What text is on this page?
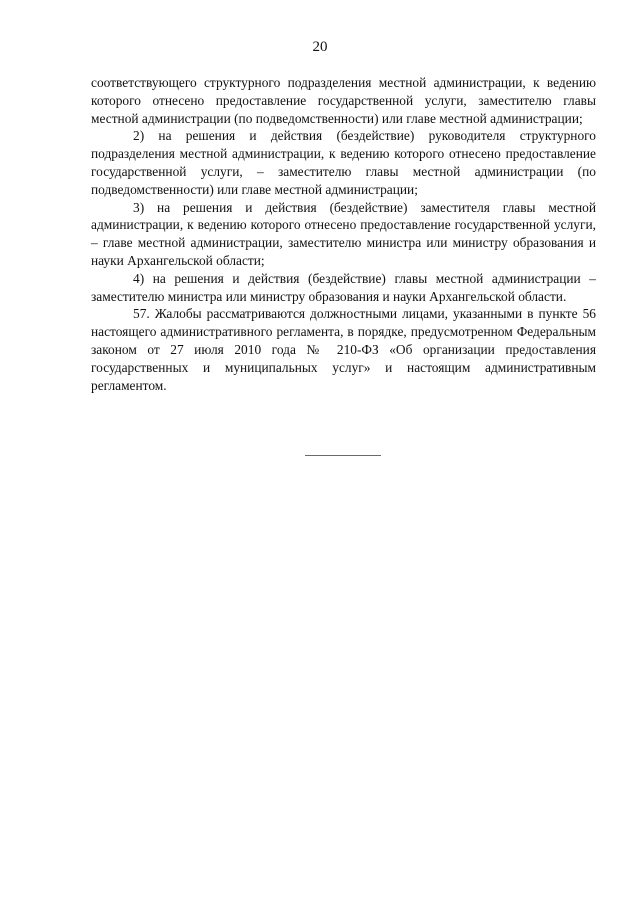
20

соответствующего структурного подразделения местной администрации, к ведению которого отнесено предоставление государственной услуги, заместителю главы местной администрации (по подведомственности) или главе местной администрации;

2) на решения и действия (бездействие) руководителя структурного подразделения местной администрации, к ведению которого отнесено предоставление государственной услуги, – заместителю главы местной администрации (по подведомственности) или главе местной администрации;

3) на решения и действия (бездействие) заместителя главы местной администрации, к ведению которого отнесено предоставление государственной услуги, – главе местной администрации, заместителю министра или министру образования и науки Архангельской области;

4) на решения и действия (бездействие) главы местной администрации – заместителю министра или министру образования и науки Архангельской области.

57. Жалобы рассматриваются должностными лицами, указанными в пункте 56 настоящего административного регламента, в порядке, предусмотренном Федеральным законом от 27 июля 2010 года № 210-ФЗ «Об организации предоставления государственных и муниципальных услуг» и настоящим административным регламентом.
